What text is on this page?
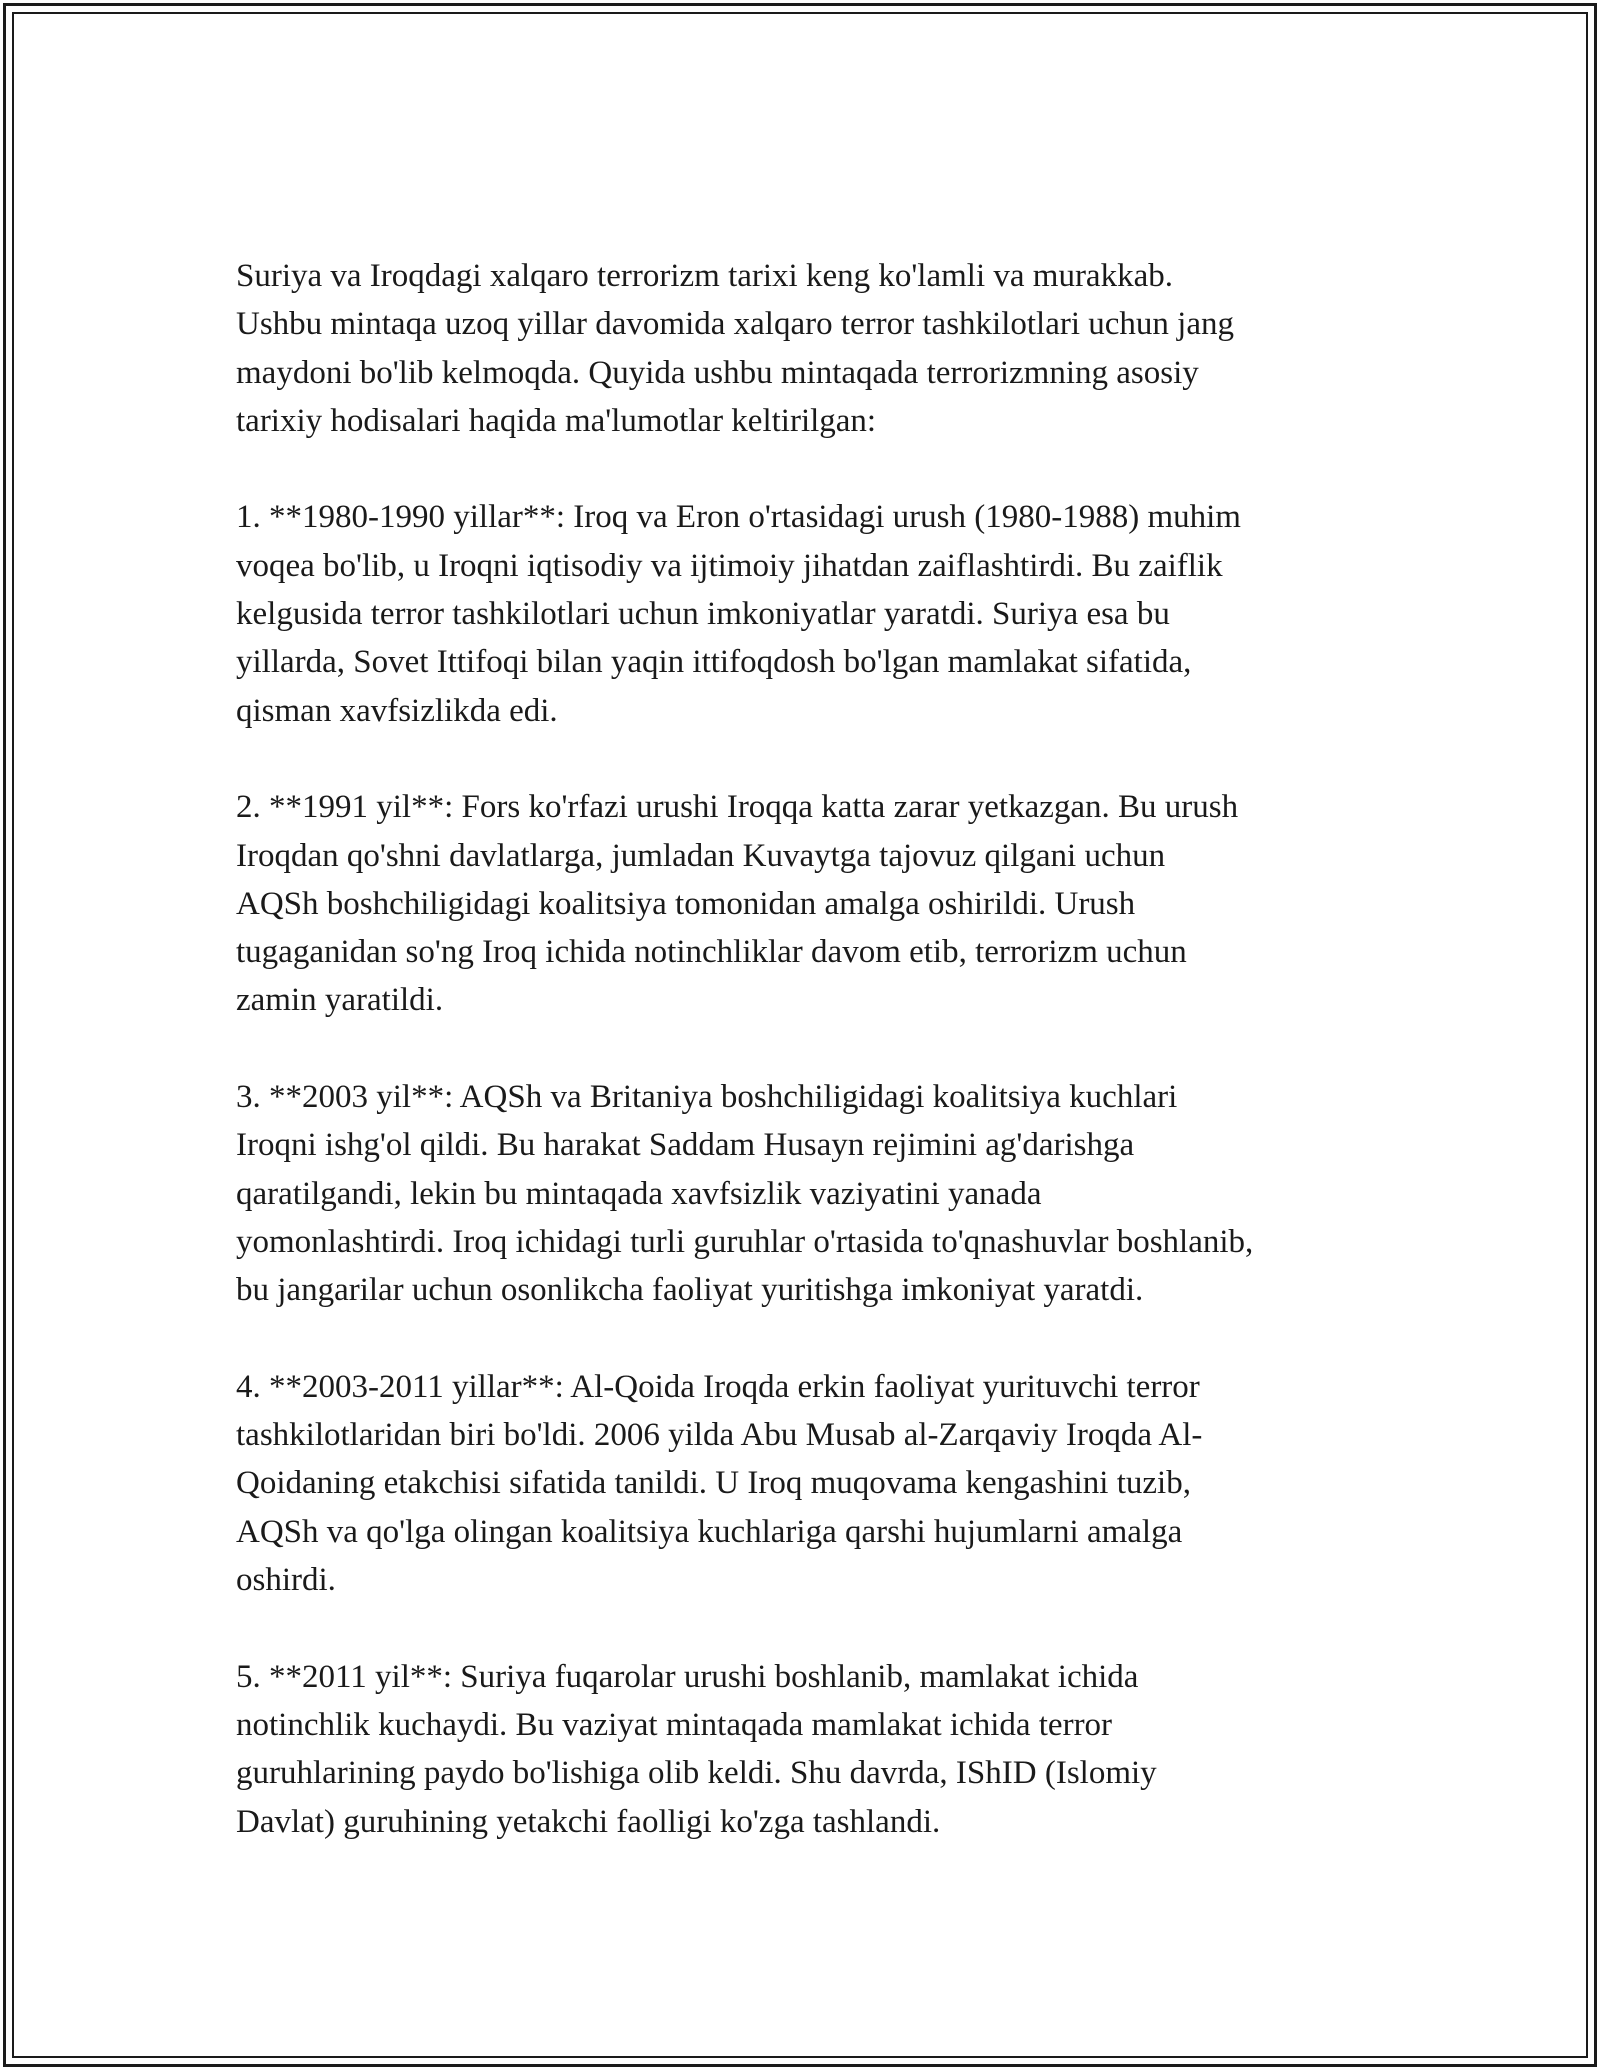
Suriya va Iroqdagi xalqaro terrorizm tarixi keng ko'lamli va murakkab.
Ushbu mintaqa uzoq yillar davomida xalqaro terror tashkilotlari uchun jang
maydoni bo'lib kelmoqda. Quyida ushbu mintaqada terrorizmning asosiy
tarixiy hodisalari haqida ma'lumotlar keltirilgan:

1. **1980-1990 yillar**: Iroq va Eron o'rtasidagi urush (1980-1988) muhim
voqea bo'lib, u Iroqni iqtisodiy va ijtimoiy jihatdan zaiflashtirdi. Bu zaiflik
kelgusida terror tashkilotlari uchun imkoniyatlar yaratdi. Suriya esa bu
yillarda, Sovet Ittifoqi bilan yaqin ittifoqdosh bo'lgan mamlakat sifatida,
qisman xavfsizlikda edi.

2. **1991 yil**: Fors ko'rfazi urushi Iroqqa katta zarar yetkazgan. Bu urush
Iroqdan qo'shni davlatlarga, jumladan Kuvaytga tajovuz qilgani uchun
AQSh boshchiligidagi koalitsiya tomonidan amalga oshirildi. Urush
tugaganidan so'ng Iroq ichida notinchliklar davom etib, terrorizm uchun
zamin yaratildi.

3. **2003 yil**: AQSh va Britaniya boshchiligidagi koalitsiya kuchlari
Iroqni ishg'ol qildi. Bu harakat Saddam Husayn rejimini ag'darishga
qaratilgandi, lekin bu mintaqada xavfsizlik vaziyatini yanada
yomonlashtirdi. Iroq ichidagi turli guruhlar o'rtasida to'qnashuvlar boshlanib,
bu jangarilar uchun osonlikcha faoliyat yuritishga imkoniyat yaratdi.

4. **2003-2011 yillar**: Al-Qoida Iroqda erkin faoliyat yurituvchi terror
tashkilotlaridan biri bo'ldi. 2006 yilda Abu Musab al-Zarqaviy Iroqda Al-
Qoidaning etakchisi sifatida tanildi. U Iroq muqovama kengashini tuzib,
AQSh va qo'lga olingan koalitsiya kuchlariga qarshi hujumlarni amalga
oshirdi.

5. **2011 yil**: Suriya fuqarolar urushi boshlanib, mamlakat ichida
notinchlik kuchaydi. Bu vaziyat mintaqada mamlakat ichida terror
guruhlarining paydo bo'lishiga olib keldi. Shu davrda, IShID (Islomiy
Davlat) guruhining yetakchi faolligi ko'zga tashlandi.
